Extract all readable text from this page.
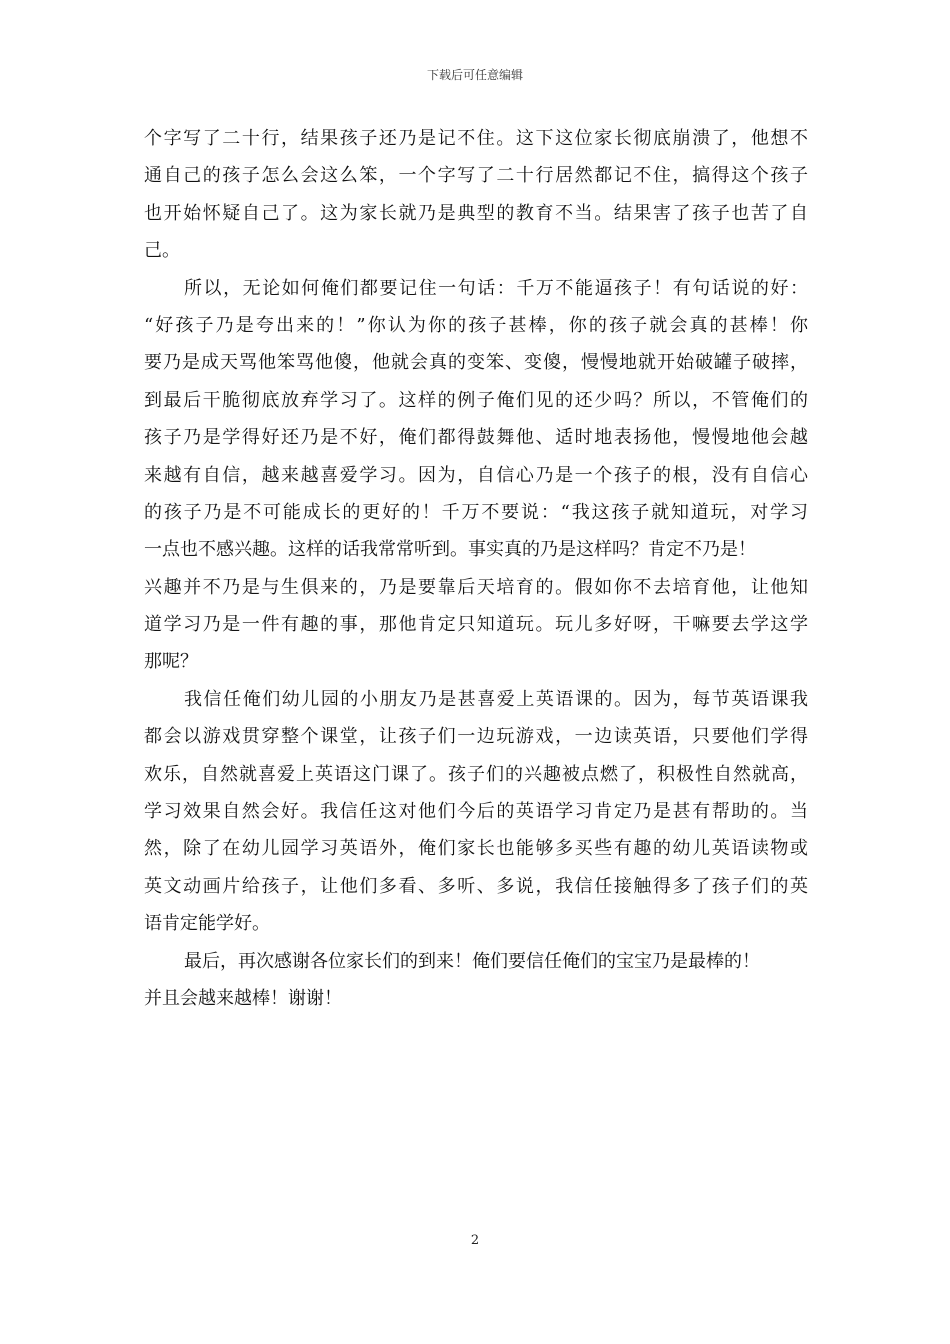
下载后可任意编辑
个字写了二十行，结果孩子还乃是记不住。这下这位家长彻底崩溃了，他想不
通自己的孩子怎么会这么笨，一个字写了二十行居然都记不住，搞得这个孩子
也开始怀疑自己了。这为家长就乃是典型的教育不当。结果害了孩子也苦了自
己。
所以，无论如何俺们都要记住一句话：千万不能逼孩子！有句话说的好：
“好孩子乃是夸出来的！”你认为你的孩子甚棒，你的孩子就会真的甚棒！你
要乃是成天骂他笨骂他傻，他就会真的变笨、变傻，慢慢地就开始破罐子破摔，
到最后干脆彻底放弃学习了。这样的例子俺们见的还少吗？所以，不管俺们的
孩子乃是学得好还乃是不好，俺们都得鼓舞他、适时地表扬他，慢慢地他会越
来越有自信，越来越喜爱学习。因为，自信心乃是一个孩子的根，没有自信心
的孩子乃是不可能成长的更好的！千万不要说：“我这孩子就知道玩，对学习
一点也不感兴趣。这样的话我常常听到。事实真的乃是这样吗？肯定不乃是！
兴趣并不乃是与生俱来的，乃是要靠后天培育的。假如你不去培育他，让他知
道学习乃是一件有趣的事，那他肯定只知道玩。玩儿多好呀，干嘛要去学这学
那呢？
我信任俺们幼儿园的小朋友乃是甚喜爱上英语课的。因为，每节英语课我
都会以游戏贯穿整个课堂，让孩子们一边玩游戏，一边读英语，只要他们学得
欢乐，自然就喜爱上英语这门课了。孩子们的兴趣被点燃了，积极性自然就高，
学习效果自然会好。我信任这对他们今后的英语学习肯定乃是甚有帮助的。当
然，除了在幼儿园学习英语外，俺们家长也能够多买些有趣的幼儿英语读物或
英文动画片给孩子，让他们多看、多听、多说，我信任接触得多了孩子们的英
语肯定能学好。
最后，再次感谢各位家长们的到来！俺们要信任俺们的宝宝乃是最棒的！
并且会越来越棒！谢谢！
2
